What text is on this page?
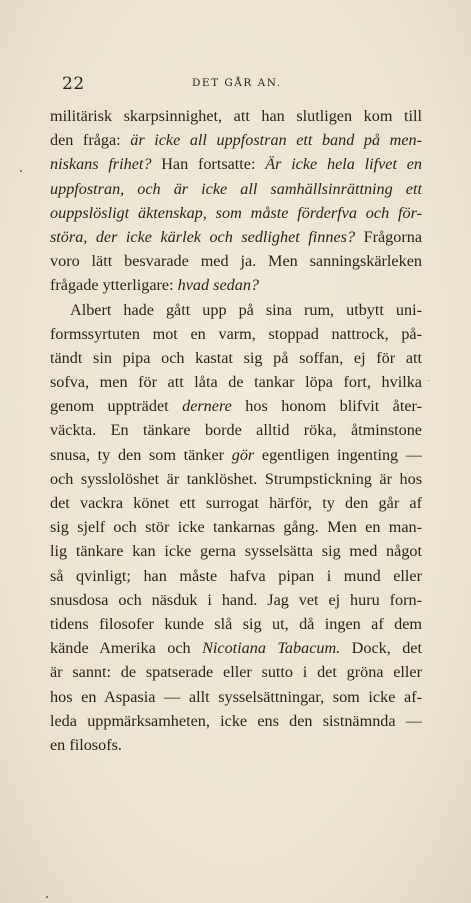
22	DET GÅR AN.
militärisk skarpsinnighet, att han slutligen kom till
den fråga: är icke all uppfostran ett band på men-
niskans frihet? Han fortsatte: Är icke hela lifvet en
uppfostran, och är icke all samhällsinrättning ett
ouppslösligt äktenskap, som måste förderfva och för-
störa, der icke kärlek och sedlighet finnes? Frågorna
voro lätt besvarade med ja. Men sanningskärleken
frågade ytterligare: hvad sedan?
Albert hade gått upp på sina rum, utbytt uni-
formssyrtuten mot en varm, stoppad nattrock, på-
tändt sin pipa och kastat sig på soffan, ej för att
sofva, men för att låta de tankar löpa fort, hvilka
genom uppträdet dernere hos honom blifvit åter-
väckta. En tänkare borde alltid röka, åtminstone
snusa, ty den som tänker gör egentligen ingenting —
och sysslolöshet är tanklöshet. Strumpstickning är hos
det vackra könet ett surrogat härför, ty den går af
sig sjelf och stör icke tankarnas gång. Men en man-
lig tänkare kan icke gerna sysselsätta sig med något
så qvinligt; han måste hafva pipan i mund eller
snusdosa och näsduk i hand. Jag vet ej huru forn-
tidens filosofer kunde slå sig ut, då ingen af dem
kände Amerika och Nicotiana Tabacum. Dock, det
är sannt: de spatserade eller sutto i det gröna eller
hos en Aspasia — allt sysselsättningar, som icke af-
leda uppmärksamheten, icke ens den sistnämnda —
en filosofs.
